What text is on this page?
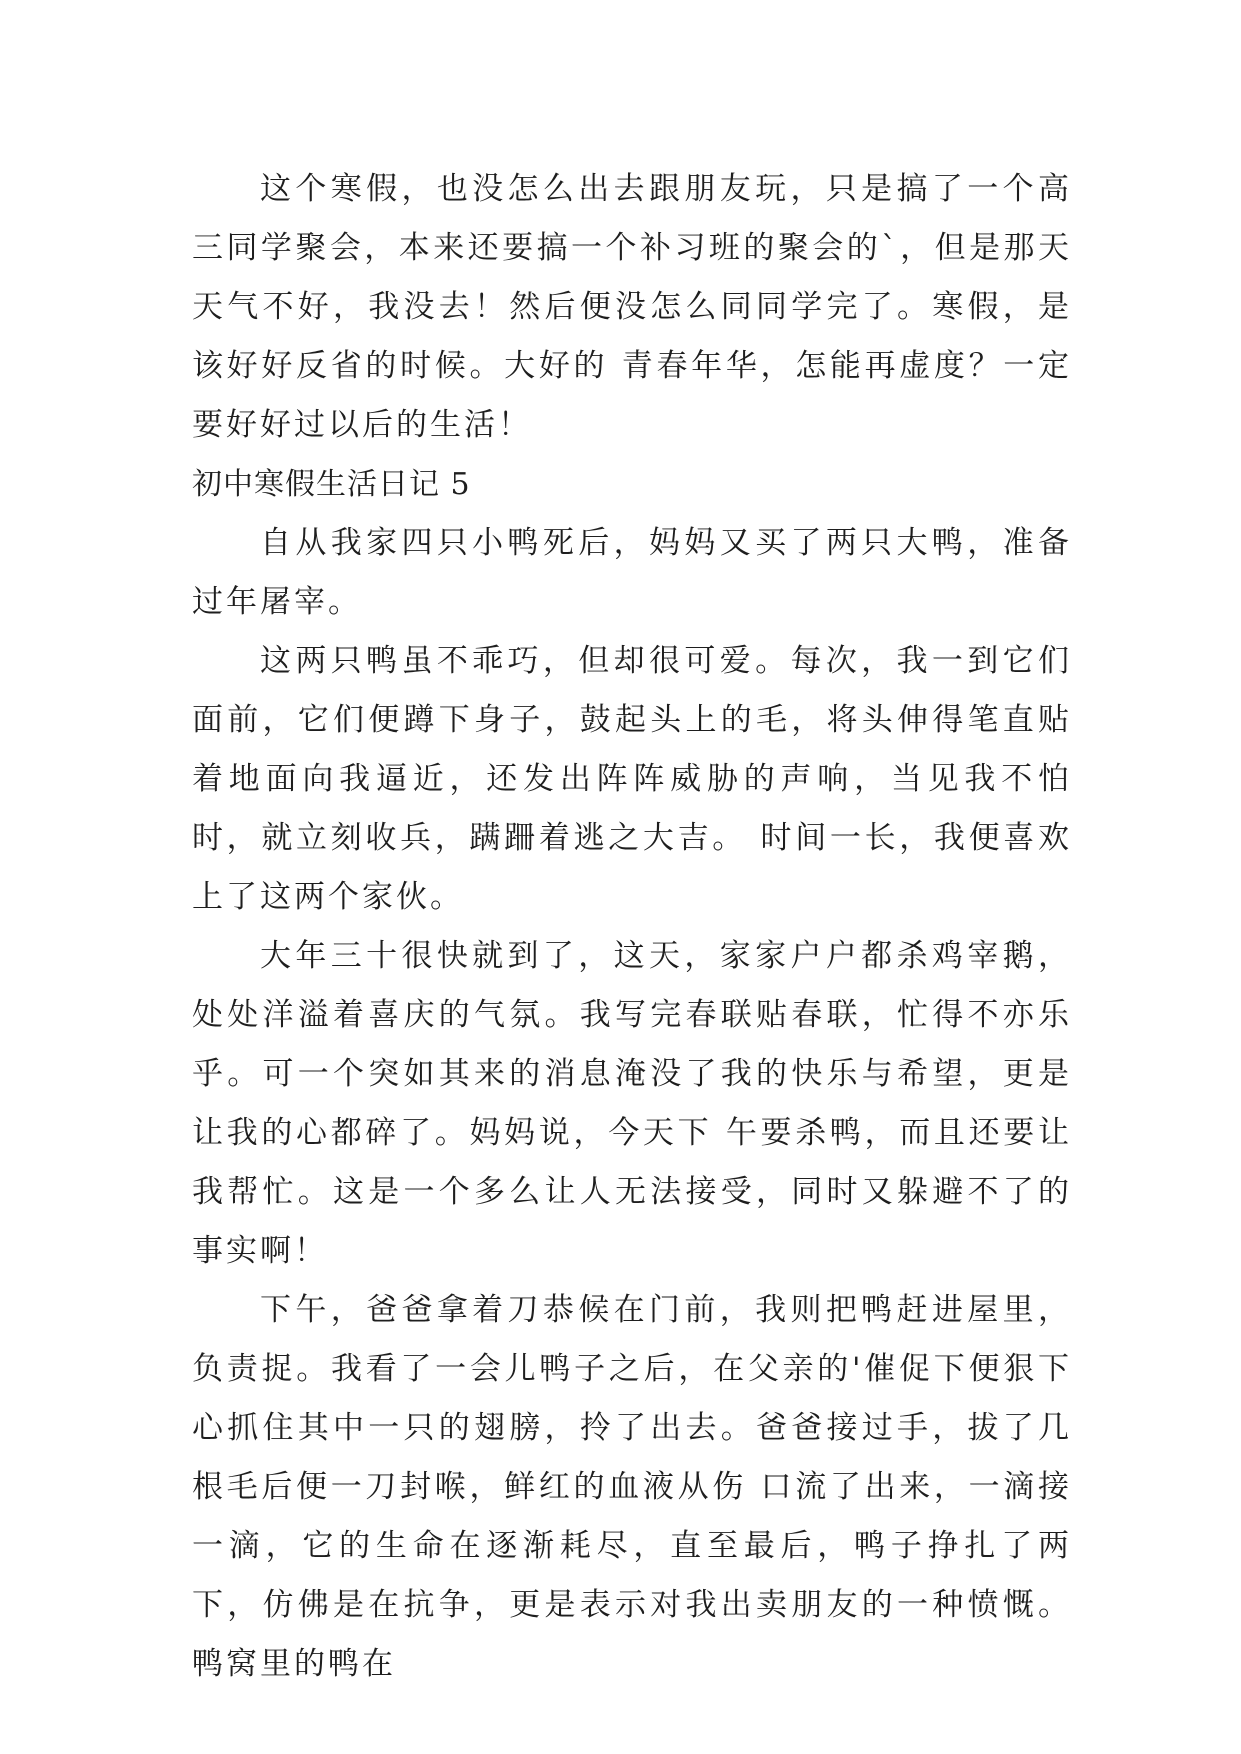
这个寒假，也没怎么出去跟朋友玩，只是搞了一个高三同学聚会，本来还要搞一个补习班的聚会的`，但是那天天气不好，我没去！然后便没怎么同同学完了。寒假，是该好好反省的时候。大好的 青春年华，怎能再虚度？一定要好好过以后的生活！

初中寒假生活日记 5

自从我家四只小鸭死后，妈妈又买了两只大鸭，准备过年屠宰。

这两只鸭虽不乖巧，但却很可爱。每次，我一到它们面前，它们便蹲下身子，鼓起头上的毛，将头伸得笔直贴着地面向我逼近，还发出阵阵威胁的声响，当见我不怕时，就立刻收兵，蹒跚着逃之大吉。 时间一长，我便喜欢上了这两个家伙。

大年三十很快就到了，这天，家家户户都杀鸡宰鹅，处处洋溢着喜庆的气氛。我写完春联贴春联，忙得不亦乐乎。可一个突如其来的消息淹没了我的快乐与希望，更是让我的心都碎了。妈妈说，今天下 午要杀鸭，而且还要让我帮忙。这是一个多么让人无法接受，同时又躲避不了的事实啊！

下午，爸爸拿着刀恭候在门前，我则把鸭赶进屋里，负责捉。我看了一会儿鸭子之后，在父亲的'催促下便狠下心抓住其中一只的翅膀，拎了出去。爸爸接过手，拔了几根毛后便一刀封喉，鲜红的血液从伤 口流了出来，一滴接一滴，它的生命在逐渐耗尽，直至最后，鸭子挣扎了两下，仿佛是在抗争，更是表示对我出卖朋友的一种愤慨。鸭窝里的鸭在
